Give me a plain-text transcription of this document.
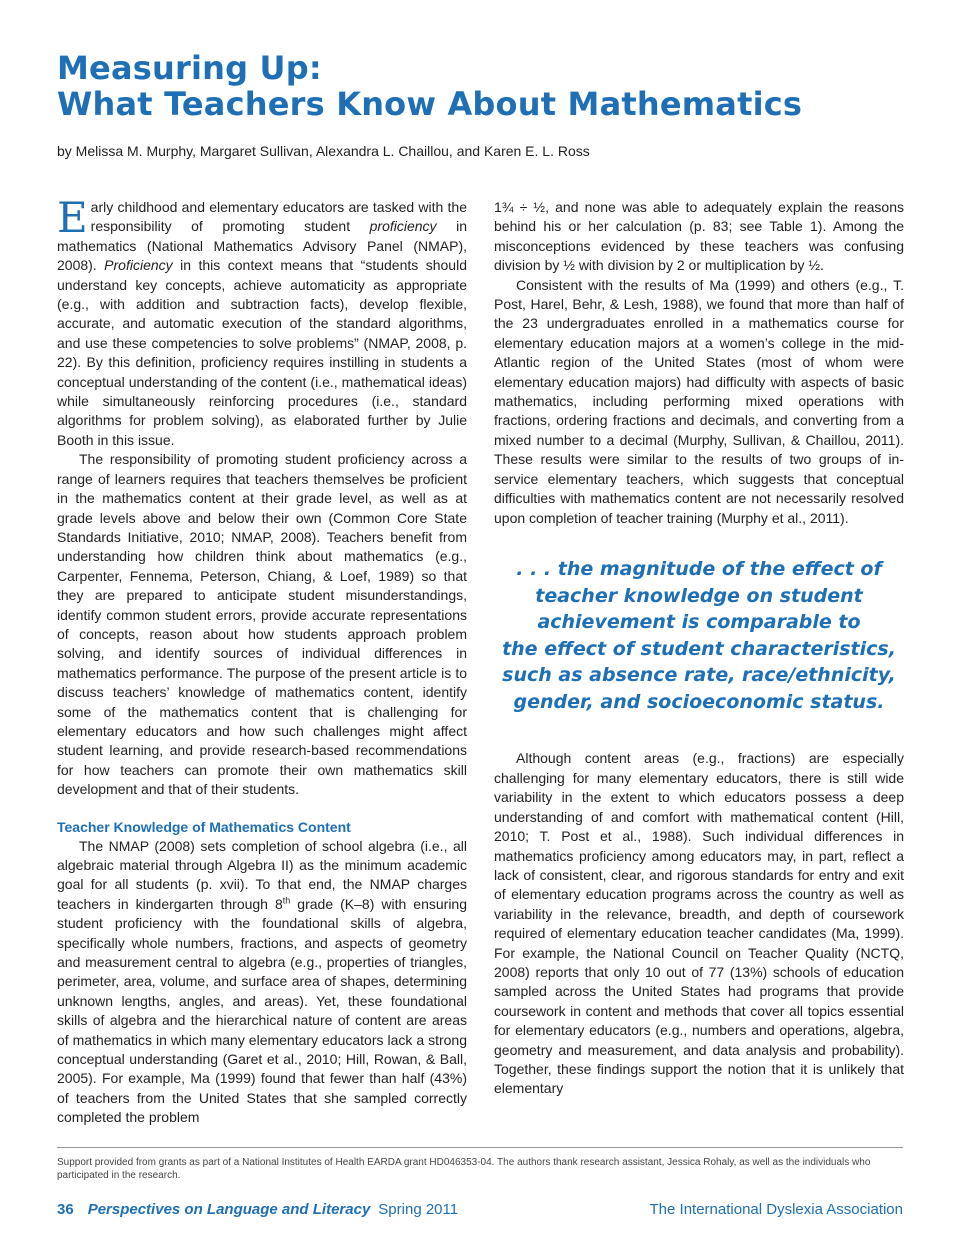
Measuring Up:
What Teachers Know About Mathematics
by Melissa M. Murphy, Margaret Sullivan, Alexandra L. Chaillou, and Karen E. L. Ross

Early childhood and elementary educators are tasked with the responsibility of promoting student proficiency in mathematics (National Mathematics Advisory Panel (NMAP), 2008). Proficiency in this context means that “students should understand key concepts, achieve automaticity as appropriate (e.g., with addition and subtraction facts), develop flexible, accurate, and automatic execution of the standard algorithms, and use these competencies to solve problems” (NMAP, 2008, p. 22). By this definition, proficiency requires instilling in students a conceptual understanding of the content (i.e., mathematical ideas) while simultaneously reinforcing procedures (i.e., standard algorithms for problem solving), as elaborated further by Julie Booth in this issue.

The responsibility of promoting student proficiency across a range of learners requires that teachers themselves be proficient in the mathematics content at their grade level, as well as at grade levels above and below their own (Common Core State Standards Initiative, 2010; NMAP, 2008). Teachers benefit from understanding how children think about mathematics (e.g., Carpenter, Fennema, Peterson, Chiang, & Loef, 1989) so that they are prepared to anticipate student misunderstandings, identify common student errors, provide accurate representations of concepts, reason about how students approach problem solving, and identify sources of individual differences in mathematics performance. The purpose of the present article is to discuss teachers’ knowledge of mathematics content, identify some of the mathematics content that is challenging for elementary educators and how such challenges might affect student learning, and provide research-based recommendations for how teachers can promote their own mathematics skill development and that of their students.

Teacher Knowledge of Mathematics Content

The NMAP (2008) sets completion of school algebra (i.e., all algebraic material through Algebra II) as the minimum academic goal for all students (p. xvii). To that end, the NMAP charges teachers in kindergarten through 8th grade (K–8) with ensuring student proficiency with the foundational skills of algebra, specifically whole numbers, fractions, and aspects of geometry and measurement central to algebra (e.g., properties of triangles, perimeter, area, volume, and surface area of shapes, determining unknown lengths, angles, and areas). Yet, these foundational skills of algebra and the hierarchical nature of content are areas of mathematics in which many elementary educators lack a strong conceptual understanding (Garet et al., 2010; Hill, Rowan, & Ball, 2005). For example, Ma (1999) found that fewer than half (43%) of teachers from the United States that she sampled correctly completed the problem

1¾ ÷ ½, and none was able to adequately explain the reasons behind his or her calculation (p. 83; see Table 1). Among the misconceptions evidenced by these teachers was confusing division by ½ with division by 2 or multiplication by ½.

Consistent with the results of Ma (1999) and others (e.g., T. Post, Harel, Behr, & Lesh, 1988), we found that more than half of the 23 undergraduates enrolled in a mathematics course for elementary education majors at a women’s college in the mid-Atlantic region of the United States (most of whom were elementary education majors) had difficulty with aspects of basic mathematics, including performing mixed operations with fractions, ordering fractions and decimals, and converting from a mixed number to a decimal (Murphy, Sullivan, & Chaillou, 2011). These results were similar to the results of two groups of in-service elementary teachers, which suggests that conceptual difficulties with mathematics content are not necessarily resolved upon completion of teacher training (Murphy et al., 2011).

. . . the magnitude of the effect of
teacher knowledge on student
achievement is comparable to
the effect of student characteristics,
such as absence rate, race/ethnicity,
gender, and socioeconomic status.

Although content areas (e.g., fractions) are especially challenging for many elementary educators, there is still wide variability in the extent to which educators possess a deep understanding of and comfort with mathematical content (Hill, 2010; T. Post et al., 1988). Such individual differences in mathematics proficiency among educators may, in part, reflect a lack of consistent, clear, and rigorous standards for entry and exit of elementary education programs across the country as well as variability in the relevance, breadth, and depth of coursework required of elementary education teacher candidates (Ma, 1999). For example, the National Council on Teacher Quality (NCTQ, 2008) reports that only 10 out of 77 (13%) schools of education sampled across the United States had programs that provide coursework in content and methods that cover all topics essential for elementary educators (e.g., numbers and operations, algebra, geometry and measurement, and data analysis and probability). Together, these findings support the notion that it is unlikely that elementary

Support provided from grants as part of a National Institutes of Health EARDA grant HD046353-04. The authors thank research assistant, Jessica Rohaly, as well as the individuals who participated in the research.
36 Perspectives on Language and Literacy Spring 2011	The International Dyslexia Association
